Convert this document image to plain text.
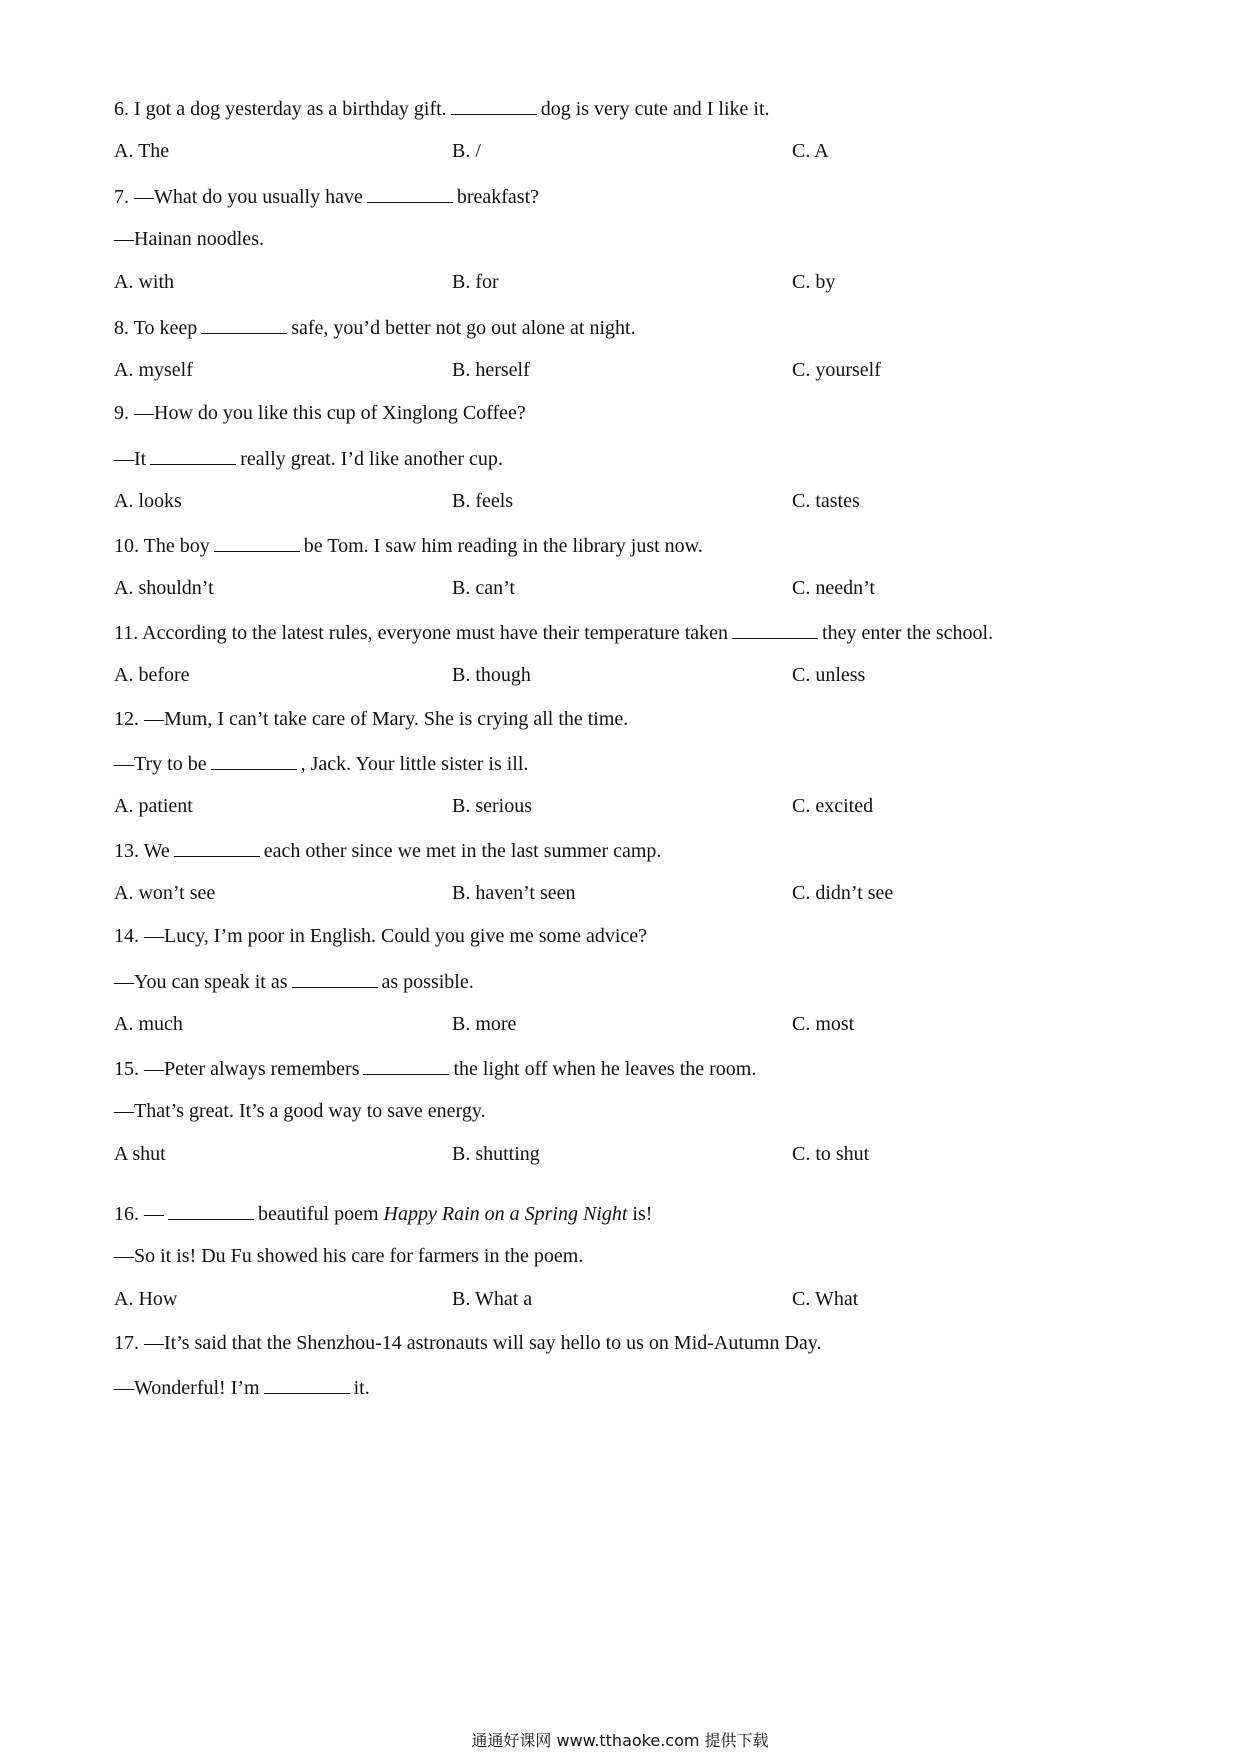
6. I got a dog yesterday as a birthday gift.	dog is very cute and I like it.
A. The	B. /	C. A
7. —What do you usually have	breakfast?
—Hainan noodles.
A. with	B. for	C. by
8. To keep	safe, you’d better not go out alone at night.
A. myself	B. herself	C. yourself
9. —How do you like this cup of Xinglong Coffee?
—It	really great. I’d like another cup.
A. looks	B. feels	C. tastes
10. The boy	be Tom. I saw him reading in the library just now.
A. shouldn’t	B. can’t	C. needn’t
11. According to the latest rules, everyone must have their temperature taken	they enter the school.
A. before	B. though	C. unless
12. —Mum, I can’t take care of Mary. She is crying all the time.
—Try to be	, Jack. Your little sister is ill.
A. patient	B. serious	C. excited
13. We	each other since we met in the last summer camp.
A. won’t see	B. haven’t seen	C. didn’t see
14. —Lucy, I’m poor in English. Could you give me some advice?
—You can speak it as	as possible.
A. much	B. more	C. most
15. —Peter always remembers	the light off when he leaves the room.
—That’s great. It’s a good way to save energy.
A shut	B. shutting	C. to shut
16. —	beautiful poem Happy Rain on a Spring Night is!
—So it is! Du Fu showed his care for farmers in the poem.
A. How	B. What a	C. What
17. —It’s said that the Shenzhou-14 astronauts will say hello to us on Mid-Autumn Day.
—Wonderful! I’m	it.
通通好课网 www.tthaoke.com 提供下载
